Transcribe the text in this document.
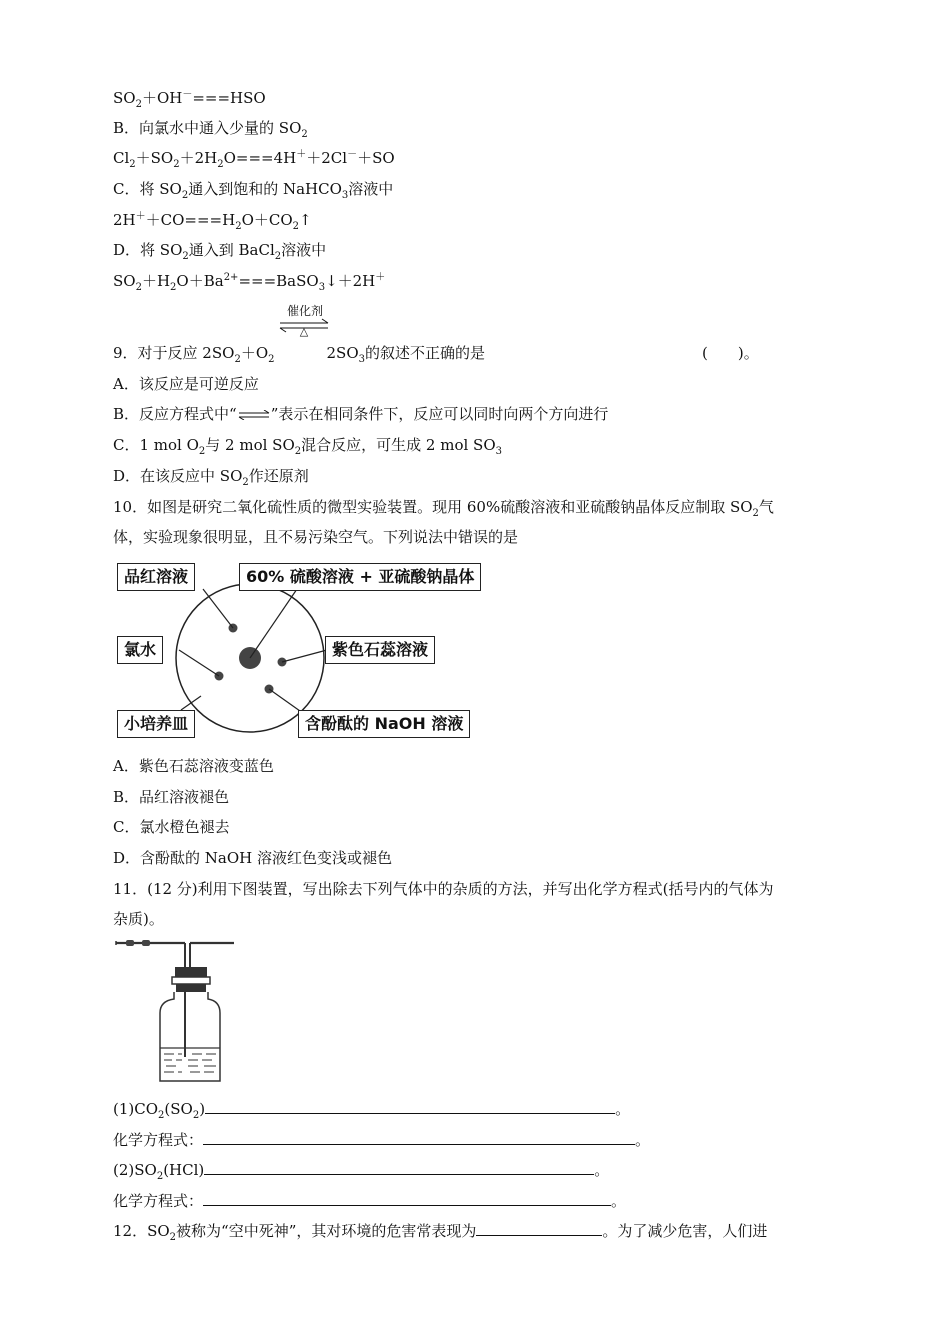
$SO_2+OH^-===HSO$
B．向氯水中通入少量的 $SO_2$
$Cl_2+SO_2+2H_2O===4H^++2Cl^-+SO$
C．将 $SO_2$通入到饱和的 NaHCO$_3$溶液中
$2H^++CO===H_2O+CO_2↑$
D．将 $SO_2$通入到 BaCl$_2$溶液中
$SO_2+H_2O+Ba^{2+}===BaSO_3↓+2H^+$
催化剂
△
9．对于反应 $2SO_2+O_2$	$2SO_3$的叙述不正确的是	(　　)。
A．该反应是可逆反应
B．反应方程式中“⇌”表示在相同条件下，反应可以同时向两个方向进行
C．1 mol $O_2$与 2 mol $SO_2$混合反应，可生成 2 mol $SO_3$
D．在该反应中 $SO_2$作还原剂
10．如图是研究二氧化硫性质的微型实验装置。现用 60%硫酸溶液和亚硫酸钠晶体反应制取 $SO_2$气
体，实验现象很明显，且不易污染空气。下列说法中错误的是
品红溶液	60% 硫酸溶液 + 亚硫酸钠晶体
氯水	紫色石蕊溶液
小培养皿	含酚酞的 NaOH 溶液
A．紫色石蕊溶液变蓝色
B．品红溶液褪色
C．氯水橙色褪去
D．含酚酞的 NaOH 溶液红色变浅或褪色
11．(12 分)利用下图装置，写出除去下列气体中的杂质的方法，并写出化学方程式(括号内的气体为
杂质)。
$(1)CO_2(SO_2)$	。
化学方程式：	。
$(2)SO_2(HCl)$	。
化学方程式：	。
12．$SO_2$被称为“空中死神”，其对环境的危害常表现为	。为了减少危害，人们进
